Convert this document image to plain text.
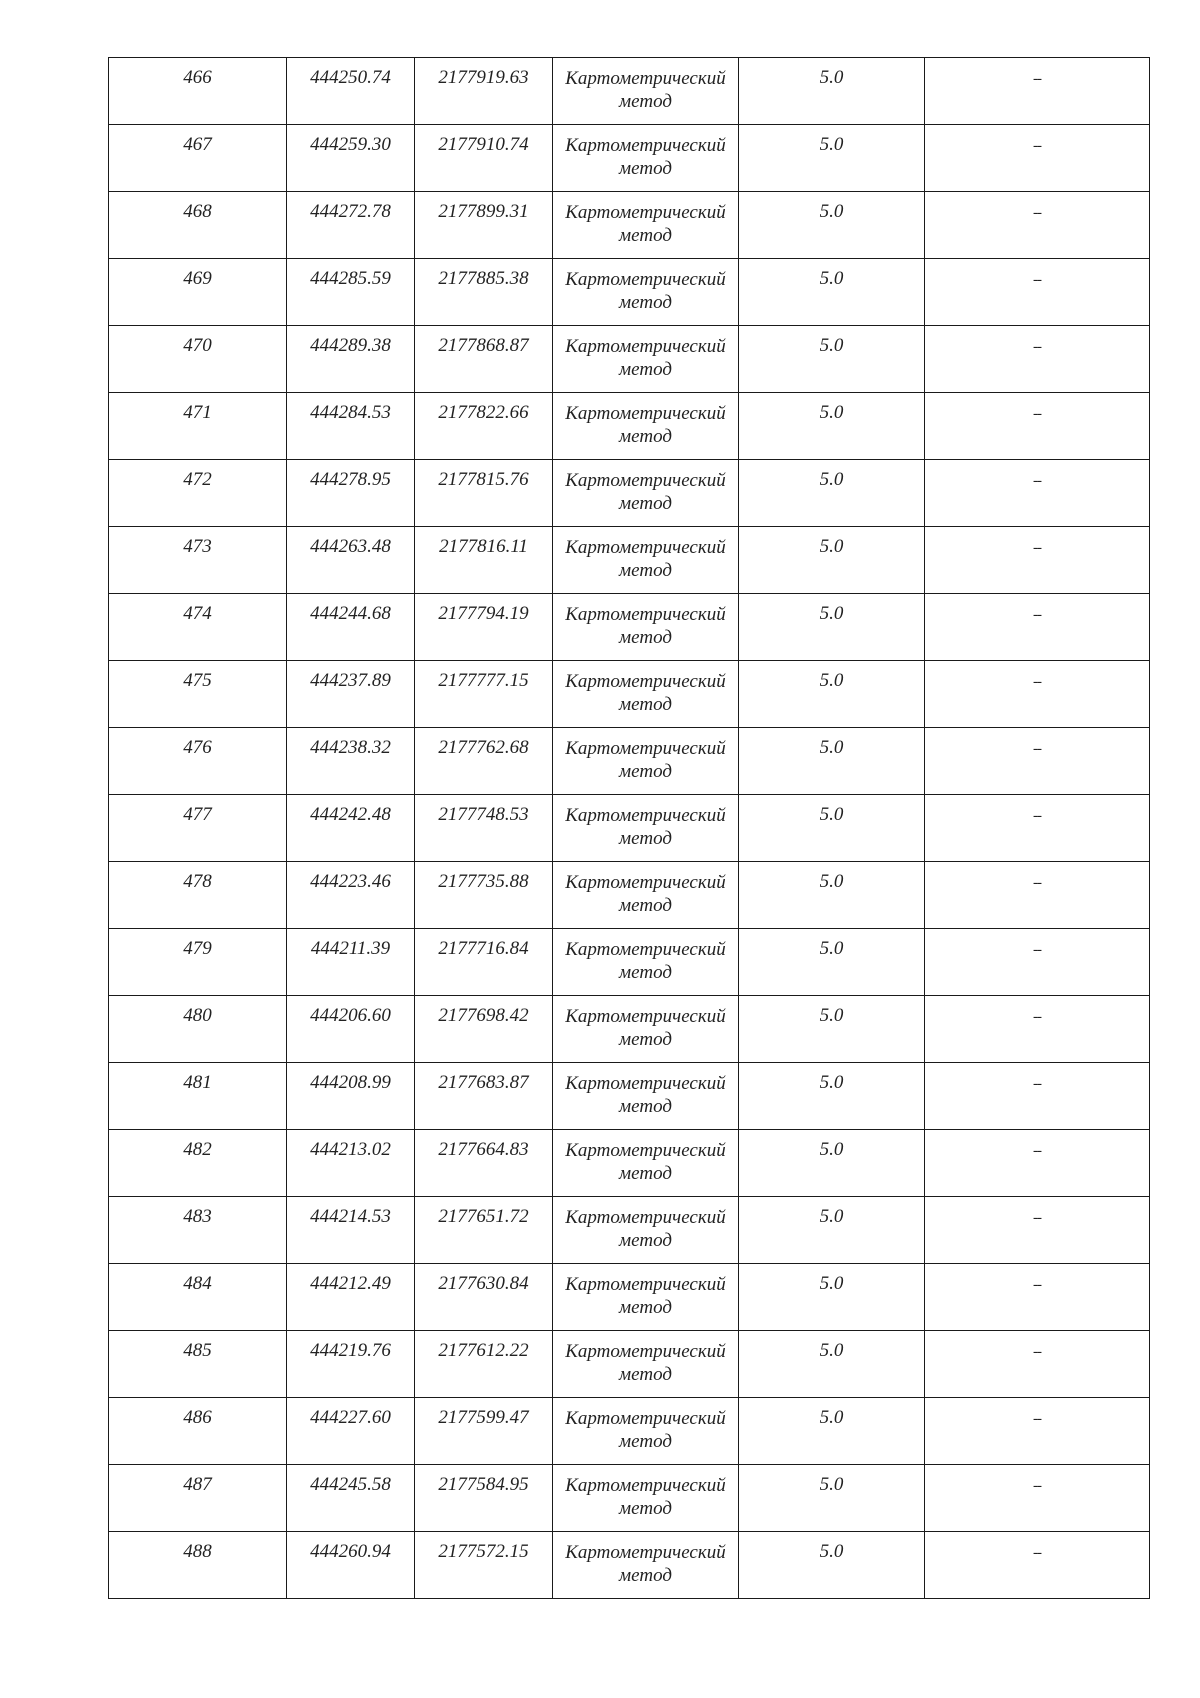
466	444250.74	2177919.63	Картометрический
метод	5.0	--

467	444259.30	2177910.74	Картометрический
метод	5.0	--

468	444272.78	2177899.31	Картометрический
метод	5.0	--

469	444285.59	2177885.38	Картометрический
метод	5.0	--

470	444289.38	2177868.87	Картометрический
метод	5.0	--

471	444284.53	2177822.66	Картометрический
метод	5.0	--

472	444278.95	2177815.76	Картометрический
метод	5.0	--

473	444263.48	2177816.11	Картометрический
метод	5.0	--

474	444244.68	2177794.19	Картометрический
метод	5.0	--

475	444237.89	2177777.15	Картометрический
метод	5.0	--

476	444238.32	2177762.68	Картометрический
метод	5.0	--

477	444242.48	2177748.53	Картометрический
метод	5.0	--

478	444223.46	2177735.88	Картометрический
метод	5.0	--

479	444211.39	2177716.84	Картометрический
метод	5.0	--

480	444206.60	2177698.42	Картометрический
метод	5.0	--

481	444208.99	2177683.87	Картометрический
метод	5.0	--

482	444213.02	2177664.83	Картометрический
метод	5.0	--

483	444214.53	2177651.72	Картометрический
метод	5.0	--

484	444212.49	2177630.84	Картометрический
метод	5.0	--

485	444219.76	2177612.22	Картометрический
метод	5.0	--

486	444227.60	2177599.47	Картометрический
метод	5.0	--

487	444245.58	2177584.95	Картометрический
метод	5.0	--

488	444260.94	2177572.15	Картометрический
метод	5.0	--
